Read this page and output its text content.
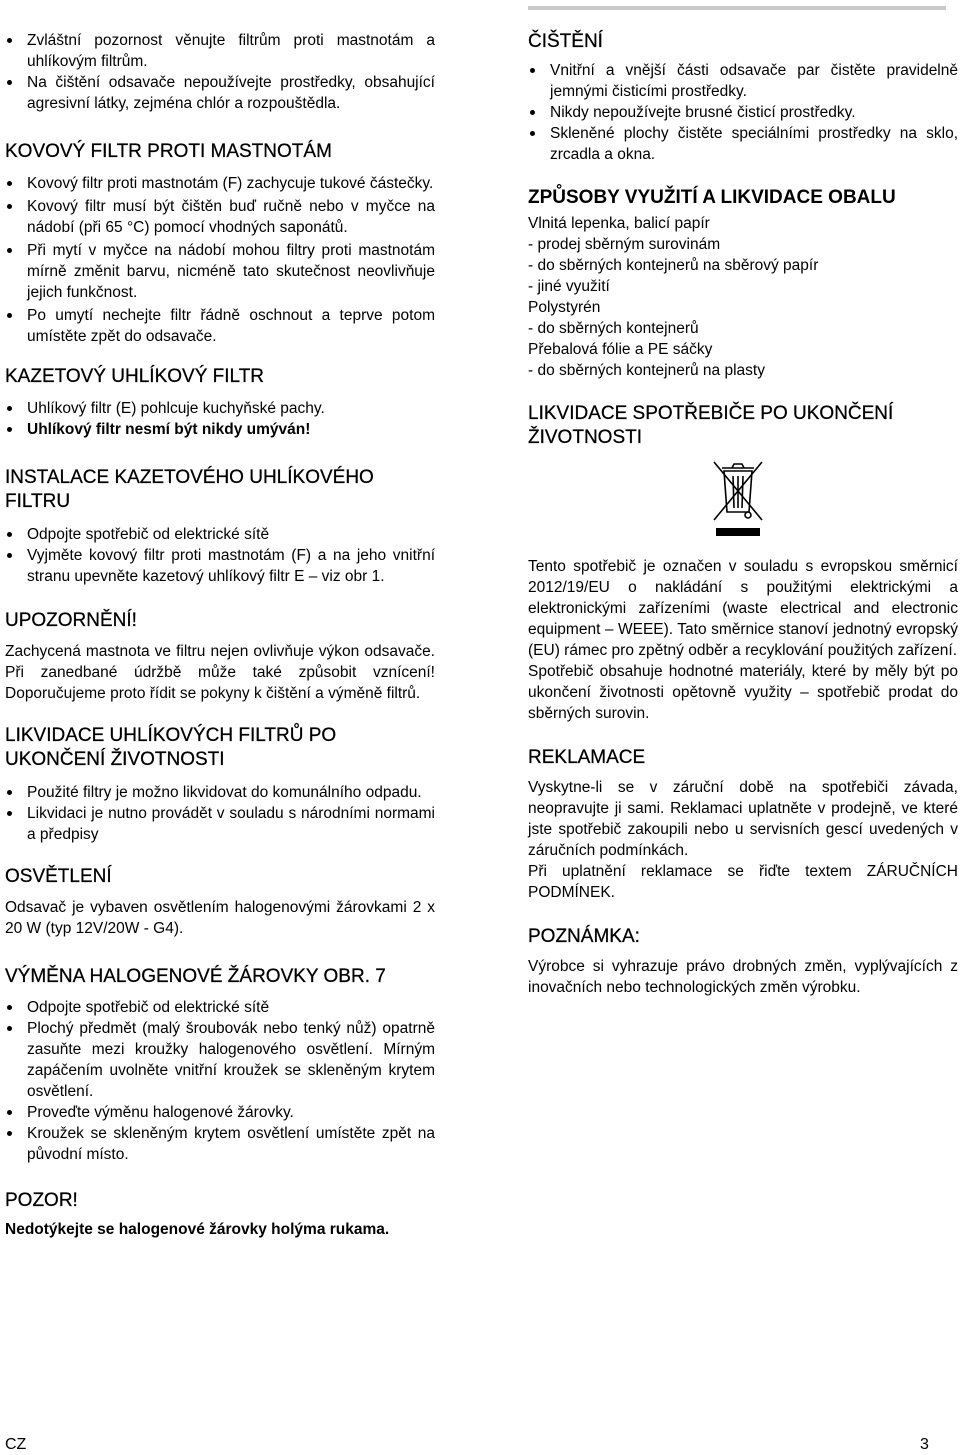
Zvláštní pozornost věnujte filtrům proti mastnotám a uhlíkovým filtrům.
Na čištění odsavače nepoužívejte prostředky, obsahující agresivní látky, zejména chlór a rozpouštědla.
KOVOVÝ FILTR PROTI MASTNOTÁM
Kovový filtr proti mastnotám (F) zachycuje tukové částečky.
Kovový filtr musí být čištěn buď ručně nebo v myčce na nádobí (při 65 °C) pomocí vhodných saponátů.
Při mytí v myčce na nádobí mohou filtry proti mastnotám mírně změnit barvu, nicméně tato skutečnost neovlivňuje jejich funkčnost.
Po umytí nechejte filtr řádně oschnout a teprve potom umístěte zpět do odsavače.
KAZETOVÝ UHLÍKOVÝ FILTR
Uhlíkový filtr (E) pohlcuje kuchyňské pachy.
Uhlíkový filtr nesmí být nikdy umýván!
INSTALACE KAZETOVÉHO UHLÍKOVÉHO FILTRU
Odpojte spotřebič od elektrické sítě
Vyjměte kovový filtr proti mastnotám (F) a na jeho vnitřní stranu upevněte kazetový uhlíkový filtr E – viz obr 1.
UPOZORNĚNÍ!

Zachycená mastnota ve filtru nejen ovlivňuje výkon odsavače. Při zanedbané údržbě může také způsobit vznícení! Doporučujeme proto řídit se pokyny k čištění a výměně filtrů.

LIKVIDACE UHLÍKOVÝCH FILTRŮ PO UKONČENÍ ŽIVOTNOSTI
Použité filtry je možno likvidovat do komunálního odpadu.
Likvidaci je nutno provádět v souladu s národními normami a předpisy
OSVĚTLENÍ

Odsavač je vybaven osvětlením halogenovými žárovkami 2 x 20 W (typ 12V/20W - G4).

VÝMĚNA HALOGENOVÉ ŽÁROVKY OBR. 7
Odpojte spotřebič od elektrické sítě
Plochý předmět (malý šroubovák nebo tenký nůž) opatrně zasuňte mezi kroužky halogenového osvětlení. Mírným zapáčením uvolněte vnitřní kroužek se skleněným krytem osvětlení.
Proveďte výměnu halogenové žárovky.
Kroužek se skleněným krytem osvětlení umístěte zpět na původní místo.
POZOR!

Nedotýkejte se halogenové žárovky holýma rukama.

ČIŠTĚNÍ
Vnitřní a vnější části odsavače par čistěte pravidelně jemnými čisticími prostředky.
Nikdy nepoužívejte brusné čisticí prostředky.
Skleněné plochy čistěte speciálními prostředky na sklo, zrcadla a okna.
ZPŮSOBY VYUŽITÍ A LIKVIDACE OBALU

Vlnitá lepenka, balicí papír

- prodej sběrným surovinám

- do sběrných kontejnerů na sběrový papír

- jiné využití

Polystyrén

- do sběrných kontejnerů

Přebalová fólie a PE sáčky

- do sběrných kontejnerů na plasty

LIKVIDACE SPOTŘEBIČE PO UKONČENÍ ŽIVOTNOSTI

Tento spotřebič je označen v souladu s evropskou směrnicí 2012/19/EU o nakládání s použitými elektrickými a elektronickými zařízeními (waste electrical and electronic equipment – WEEE). Tato směrnice stanoví jednotný evropský (EU) rámec pro zpětný odběr a recyklování použitých zařízení.

Spotřebič obsahuje hodnotné materiály, které by měly být po ukončení životnosti opětovně využity – spotřebič prodat do sběrných surovin.

REKLAMACE

Vyskytne-li se v záruční době na spotřebiči závada, neopravujte ji sami. Reklamaci uplatněte v prodejně, ve které jste spotřebič zakoupili nebo u servisních gescí uvedených v záručních podmínkách.

Při uplatnění reklamace se řiďte textem ZÁRUČNÍCH PODMÍNEK.

POZNÁMKA:

Výrobce si vyhrazuje právo drobných změn, vyplývajících z inovačních nebo technologických změn výrobku.

CZ	3
